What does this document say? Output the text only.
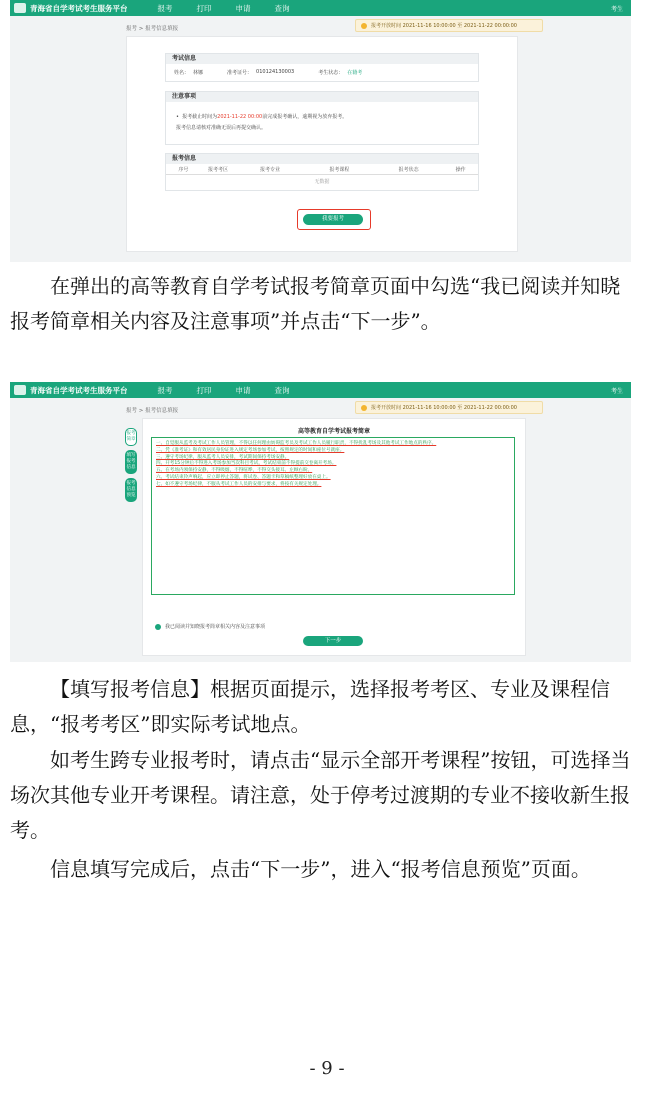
青海省自学考试考生服务平台	报考	打印	申请	查询	考生
报考 > 报考信息填报	报考开放时间 2021-11-16 10:00:00 至 2021-11-22 00:00:00
考试信息
姓名： 林娜	准考证号： 010124130003	考生状态： 在籍考
注意事项
•  报考截止时间为2021-11-22 00:00前完成报考确认，逾期视为放弃报考。
报考信息请核对准确无误后再提交确认。
报考信息
序号	报考考区	报考专业	报考课程	报考状态	操作
无数据
我要报考

在弹出的高等教育自学考试报考简章页面中勾选“我已阅读并知晓报考简章相关内容及注意事项”并点击“下一步”。

青海省自学考试考生服务平台	报考	打印	申请	查询	考生
报考 > 报考信息填报	报考开放时间 2021-11-16 10:00:00 至 2021-11-22 00:00:00
报考简章
填写报考信息
报考信息预览
高等教育自学考试报考简章
一、自觉服从监考及考试工作人员管理，不得以任何理由妨碍监考员及考试工作人员履行职责，不得扰乱考场及其他考试工作地点的秩序。
二、凭《准考证》和有效居民身份证进入规定考场参加考试，按照规定的时间和座位号就座。
三、遵守考场纪律，服从监考人员安排，考试期间保持考场安静。
四、开考15分钟后不得进入考场参加当次科目考试，考试结束前不得提前交卷离开考场。
五、在考场内须保持安静，不得吸烟，不得喧哗，不得交头接耳、左顾右盼。
六、考试结束铃声响起，应立即停止答题，将试卷、答题卡和草稿纸整理好放在桌上。
七、如不遵守考场纪律，不服从考试工作人员的安排与要求，将按有关规定处理。
我已阅读并知晓报考简章相关内容及注意事项
下一步

【填写报考信息】根据页面提示，选择报考考区、专业及课程信息，“报考考区”即实际考试地点。

如考生跨专业报考时，请点击“显示全部开考课程”按钮，可选择当场次其他专业开考课程。请注意，处于停考过渡期的专业不接收新生报考。

信息填写完成后，点击“下一步”，进入“报考信息预览”页面。

- 9 -
